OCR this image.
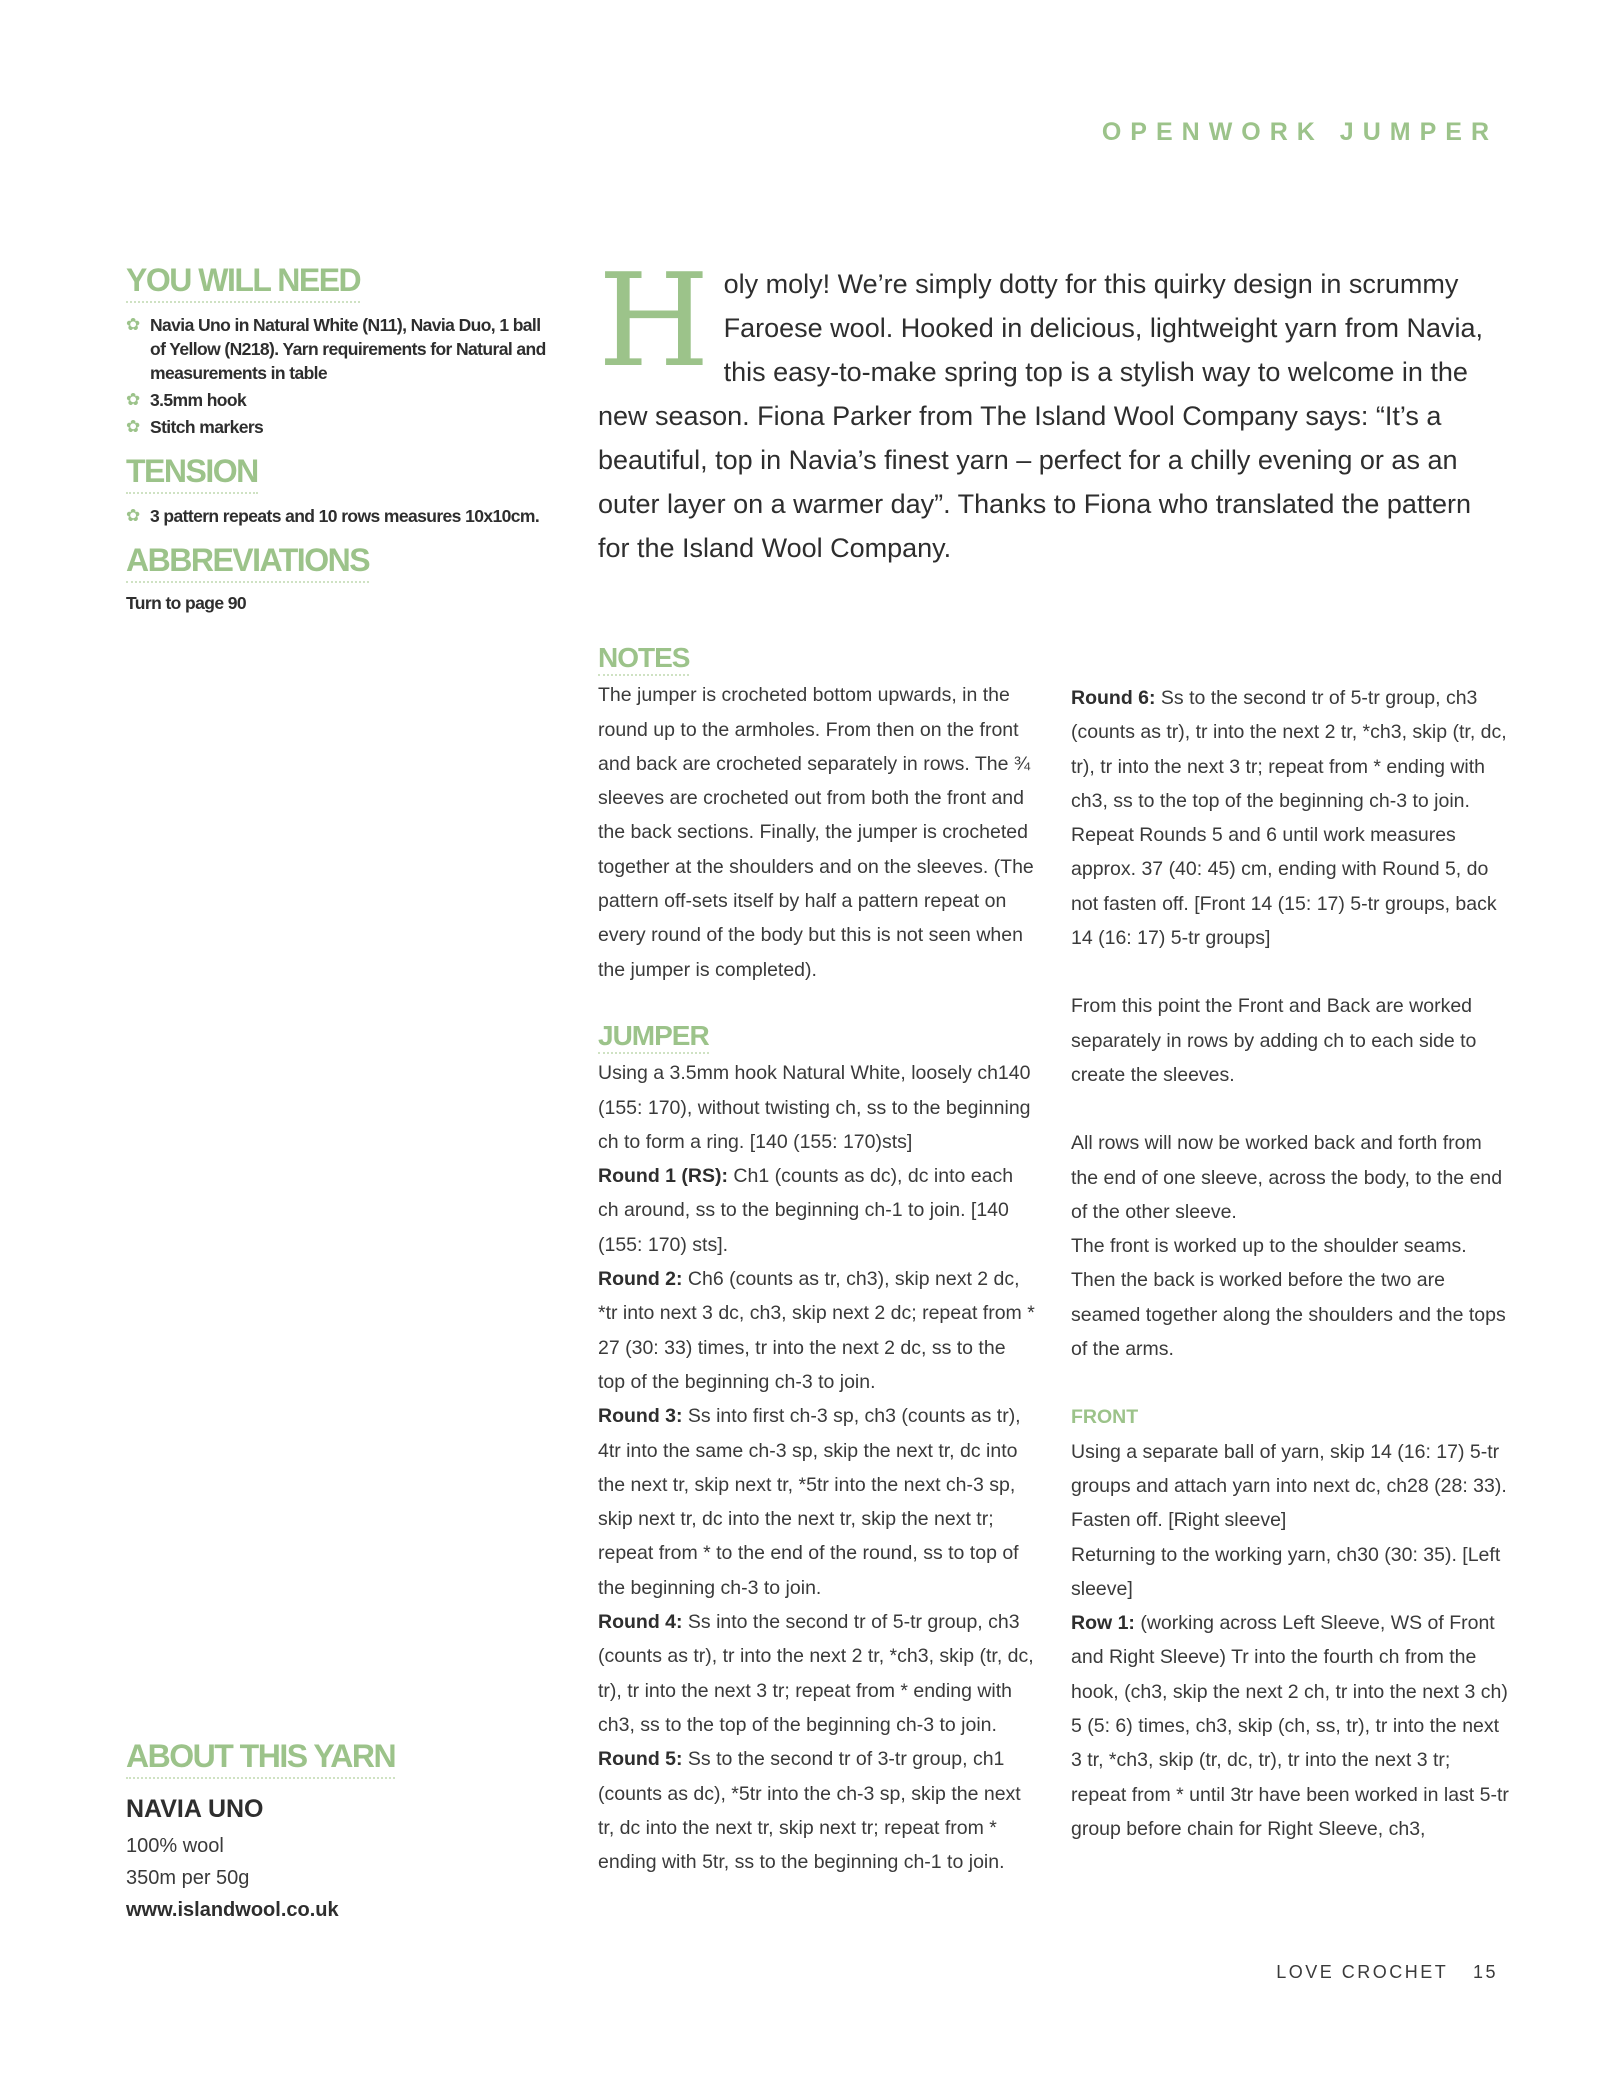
OPENWORK JUMPER
YOU WILL NEED
✿ Navia Uno in Natural White (N11), Navia Duo, 1 ball of Yellow (N218). Yarn requirements for Natural and measurements in table
✿ 3.5mm hook
✿ Stitch markers
TENSION
✿ 3 pattern repeats and 10 rows measures 10x10cm.
ABBREVIATIONS
Turn to page 90
ABOUT THIS YARN
NAVIA UNO
100% wool
350m per 50g
www.islandwool.co.uk
H oly moly! We’re simply dotty for this quirky design in scrummy Faroese wool. Hooked in delicious, lightweight yarn from Navia, this easy-to-make spring top is a stylish way to welcome in the new season. Fiona Parker from The Island Wool Company says: “It’s a beautiful, top in Navia’s finest yarn – perfect for a chilly evening or as an outer layer on a warmer day”. Thanks to Fiona who translated the pattern for the Island Wool Company.
NOTES

The jumper is crocheted bottom upwards, in the round up to the armholes. From then on the front and back are crocheted separately in rows. The ¾ sleeves are crocheted out from both the front and the back sections. Finally, the jumper is crocheted together at the shoulders and on the sleeves. (The pattern off-sets itself by half a pattern repeat on every round of the body but this is not seen when the jumper is completed).

JUMPER

Using a 3.5mm hook Natural White, loosely ch140 (155: 170), without twisting ch, ss to the beginning ch to form a ring. [140 (155: 170)sts]

Round 1 (RS): Ch1 (counts as dc), dc into each ch around, ss to the beginning ch-1 to join. [140 (155: 170) sts].

Round 2: Ch6 (counts as tr, ch3), skip next 2 dc, *tr into next 3 dc, ch3, skip next 2 dc; repeat from * 27 (30: 33) times, tr into the next 2 dc, ss to the top of the beginning ch-3 to join.

Round 3: Ss into first ch-3 sp, ch3 (counts as tr), 4tr into the same ch-3 sp, skip the next tr, dc into the next tr, skip next tr, *5tr into the next ch-3 sp, skip next tr, dc into the next tr, skip the next tr; repeat from * to the end of the round, ss to top of the beginning ch-3 to join.

Round 4: Ss into the second tr of 5-tr group, ch3 (counts as tr), tr into the next 2 tr, *ch3, skip (tr, dc, tr), tr into the next 3 tr; repeat from * ending with ch3, ss to the top of the beginning ch-3 to join.

Round 5: Ss to the second tr of 3-tr group, ch1 (counts as dc), *5tr into the ch-3 sp, skip the next tr, dc into the next tr, skip next tr; repeat from * ending with 5tr, ss to the beginning ch-1 to join.

Round 6: Ss to the second tr of 5-tr group, ch3 (counts as tr), tr into the next 2 tr, *ch3, skip (tr, dc, tr), tr into the next 3 tr; repeat from * ending with ch3, ss to the top of the beginning ch-3 to join.

Repeat Rounds 5 and 6 until work measures approx. 37 (40: 45) cm, ending with Round 5, do not fasten off. [Front 14 (15: 17) 5-tr groups, back 14 (16: 17) 5-tr groups]

From this point the Front and Back are worked separately in rows by adding ch to each side to create the sleeves.

All rows will now be worked back and forth from the end of one sleeve, across the body, to the end of the other sleeve.

The front is worked up to the shoulder seams. Then the back is worked before the two are seamed together along the shoulders and the tops of the arms.

FRONT

Using a separate ball of yarn, skip 14 (16: 17) 5-tr groups and attach yarn into next dc, ch28 (28: 33).

Fasten off. [Right sleeve]

Returning to the working yarn, ch30 (30: 35). [Left sleeve]

Row 1: (working across Left Sleeve, WS of Front and Right Sleeve) Tr into the fourth ch from the hook, (ch3, skip the next 2 ch, tr into the next 3 ch) 5 (5: 6) times, ch3, skip (ch, ss, tr), tr into the next 3 tr, *ch3, skip (tr, dc, tr), tr into the next 3 tr; repeat from * until 3tr have been worked in last 5-tr group before chain for Right Sleeve, ch3,

LOVE CROCHET 15
